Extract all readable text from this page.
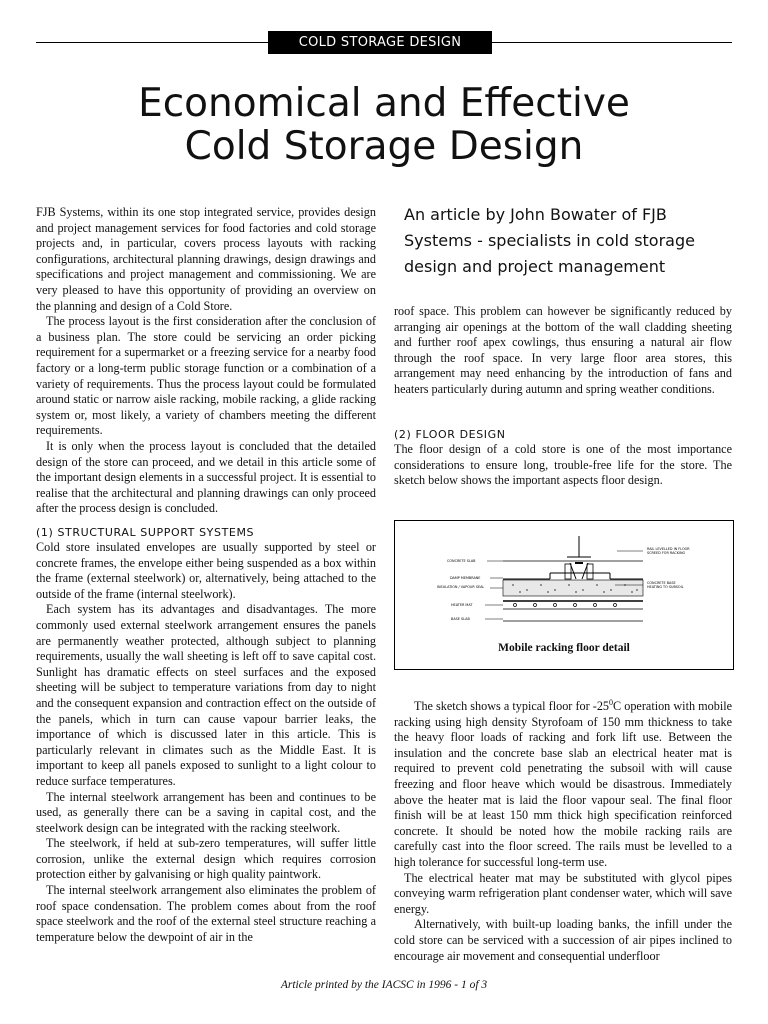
COLD STORAGE DESIGN
Economical and Effective
Cold Storage Design

FJB Systems, within its one stop integrated service, provides design and project management services for food factories and cold storage projects and, in particular, covers process layouts with racking configurations, architectural planning drawings, design drawings and specifications and project management and commissioning. We are very pleased to have this opportunity of providing an overview on the planning and design of a Cold Store.

The process layout is the first consideration after the conclusion of a business plan. The store could be servicing an order picking requirement for a supermarket or a freezing service for a nearby food factory or a long-term public storage function or a combination of a variety of requirements. Thus the process layout could be formulated around static or narrow aisle racking, mobile racking, a glide racking system or, most likely, a variety of chambers meeting the different requirements.

It is only when the process layout is concluded that the detailed design of the store can proceed, and we detail in this article some of the important design elements in a successful project. It is essential to realise that the architectural and planning drawings can only proceed after the process design is concluded.

(1) STRUCTURAL SUPPORT SYSTEMS

Cold store insulated envelopes are usually supported by steel or concrete frames, the envelope either being suspended as a box within the frame (external steelwork) or, alternatively, being attached to the outside of the frame (internal steelwork).

Each system has its advantages and disadvantages. The more commonly used external steelwork arrangement ensures the panels are permanently weather protected, although subject to planning requirements, usually the wall sheeting is left off to save capital cost. Sunlight has dramatic effects on steel surfaces and the exposed sheeting will be subject to temperature variations from day to night and the consequent expansion and contraction effect on the outside of the panels, which in turn can cause vapour barrier leaks, the importance of which is discussed later in this article. This is particularly relevant in climates such as the Middle East. It is important to keep all panels exposed to sunlight to a light colour to reduce surface temperatures.

The internal steelwork arrangement has been and continues to be used, as generally there can be a saving in capital cost, and the steelwork design can be integrated with the racking steelwork.

The steelwork, if held at sub-zero temperatures, will suffer little corrosion, unlike the external design which requires corrosion protection either by galvanising or high quality paintwork.

The internal steelwork arrangement also eliminates the problem of roof space condensation. The problem comes about from the roof space steelwork and the roof of the external steel structure reaching a temperature below the dewpoint of air in the

An article by John Bowater of FJB Systems - specialists in cold storage design and project management

roof space. This problem can however be significantly reduced by arranging air openings at the bottom of the wall cladding sheeting and further roof apex cowlings, thus ensuring a natural air flow through the roof space. In very large floor area stores, this arrangement may need enhancing by the introduction of fans and heaters particularly during autumn and spring weather conditions.

(2) FLOOR DESIGN

The floor design of a cold store is one of the most importance considerations to ensure long, trouble-free life for the store. The sketch below shows the important aspects floor design.

CONCRETE SLAB
DAMP MEMBRANE
INSULATION / VAPOUR SEAL
HEATER MAT
BASE SLAB
RAIL LEVELLED IN FLOOR
SCREED FOR RACKING
CONCRETE BASE
HEATING TO SUBSOIL
Mobile racking floor detail

The sketch shows a typical floor for $-25^0C$ operation with mobile racking using high density Styrofoam of 150 mm thickness to take the heavy floor loads of racking and fork lift use. Between the insulation and the concrete base slab an electrical heater mat is required to prevent cold penetrating the subsoil with will cause freezing and floor heave which would be disastrous. Immediately above the heater mat is laid the floor vapour seal. The final floor finish will be at least 150 mm thick high specification reinforced concrete. It should be noted how the mobile racking rails are carefully cast into the floor screed. The rails must be levelled to a high tolerance for successful long-term use.

The electrical heater mat may be substituted with glycol pipes conveying warm refrigeration plant condenser water, which will save energy.

Alternatively, with built-up loading banks, the infill under the cold store can be serviced with a succession of air pipes inclined to encourage air movement and consequential underfloor

Article printed by the IACSC in 1996 - 1 of 3
